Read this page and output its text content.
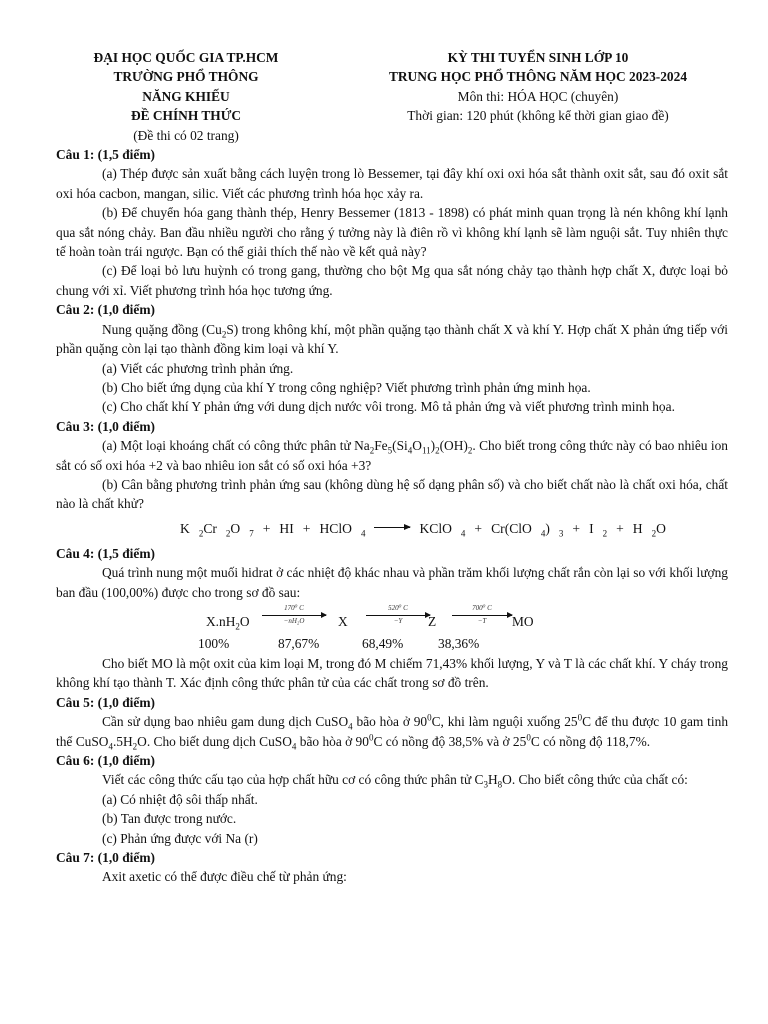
ĐẠI HỌC QUỐC GIA TP.HCM
TRƯỜNG PHỔ THÔNG
NĂNG KHIẾU
ĐỀ CHÍNH THỨC
(Đề thi có 02 trang)
KỲ THI TUYỂN SINH LỚP 10
TRUNG HỌC PHỔ THÔNG NĂM HỌC 2023-2024
Môn thi: HÓA HỌC (chuyên)
Thời gian: 120 phút (không kể thời gian giao đề)
Câu 1: (1,5 điểm)
(a) Thép được sản xuất bằng cách luyện trong lò Bessemer, tại đây khí oxi oxi hóa sắt thành oxit sắt, sau đó oxit sắt oxi hóa cacbon, mangan, silic. Viết các phương trình hóa học xảy ra.
(b) Để chuyển hóa gang thành thép, Henry Bessemer (1813 - 1898) có phát minh quan trọng là nén không khí lạnh qua sắt nóng chảy. Ban đầu nhiều người cho rằng ý tưởng này là điên rồ vì không khí lạnh sẽ làm nguội sắt. Tuy nhiên thực tế hoàn toàn trái ngược. Bạn có thể giải thích thế nào về kết quả này?
(c) Để loại bỏ lưu huỳnh có trong gang, thường cho bột Mg qua sắt nóng chảy tạo thành hợp chất X, được loại bỏ chung với xỉ. Viết phương trình hóa học tương ứng.
Câu 2: (1,0 điểm)
Nung quặng đồng $(Cu_2S)$ trong không khí, một phần quặng tạo thành chất X và khí Y. Hợp chất X phản ứng tiếp với phần quặng còn lại tạo thành đồng kim loại và khí Y.
(a) Viết các phương trình phản ứng.
(b) Cho biết ứng dụng của khí Y trong công nghiệp? Viết phương trình phản ứng minh họa.
(c) Cho chất khí Y phản ứng với dung dịch nước vôi trong. Mô tả phản ứng và viết phương trình minh họa.
Câu 3: (1,0 điểm)
(a) Một loại khoáng chất có công thức phân tử $Na_2Fe_5(Si_4O_{11})_2(OH)_2$. Cho biết trong công thức này có bao nhiêu ion sắt có số oxi hóa +2 và bao nhiêu ion sắt có số oxi hóa +3?
(b) Cân bằng phương trình phản ứng sau (không dùng hệ số dạng phân số) và cho biết chất nào là chất oxi hóa, chất nào là chất khử?
K $_2$Cr $_2$O $_7$ + HI + HClO $_4$ → KClO $_4$ + Cr(ClO $_4$) $_3$ + I $_2$ + H $_2$O
Câu 4: (1,5 điểm)
Quá trình nung một muối hidrat ở các nhiệt độ khác nhau và phần trăm khối lượng chất rắn còn lại so với khối lượng ban đầu (100,00%) được cho trong sơ đồ sau:
$X.nH_2O$
170⁰ C
−nH₂O	X
520⁰ C
−Y	Z
700⁰ C
−T	MO
100%	87,67%	68,49%	38,36%
Cho biết MO là một oxit của kim loại M, trong đó M chiếm 71,43% khối lượng, Y và T là các chất khí. Y cháy trong không khí tạo thành T. Xác định công thức phân tử của các chất trong sơ đồ trên.
Câu 5: (1,0 điểm)
Cần sử dụng bao nhiêu gam dung dịch CuSO$_4$ bão hòa ở $90^0C$, khi làm nguội xuống $25^0C$ để thu được 10 gam tinh thể $CuSO_4.5H_2O$. Cho biết dung dịch CuSO$_4$ bão hòa ở $90^0C$ có nồng độ 38,5% và ở $25^0C$ có nồng độ 118,7%.
Câu 6: (1,0 điểm)
Viết các công thức cấu tạo của hợp chất hữu cơ có công thức phân tử $C_3H_8O$. Cho biết công thức của chất có:
(a) Có nhiệt độ sôi thấp nhất.
(b) Tan được trong nước.
(c) Phản ứng được với Na (r)
Câu 7: (1,0 điểm)
Axit axetic có thể được điều chế từ phản ứng:
